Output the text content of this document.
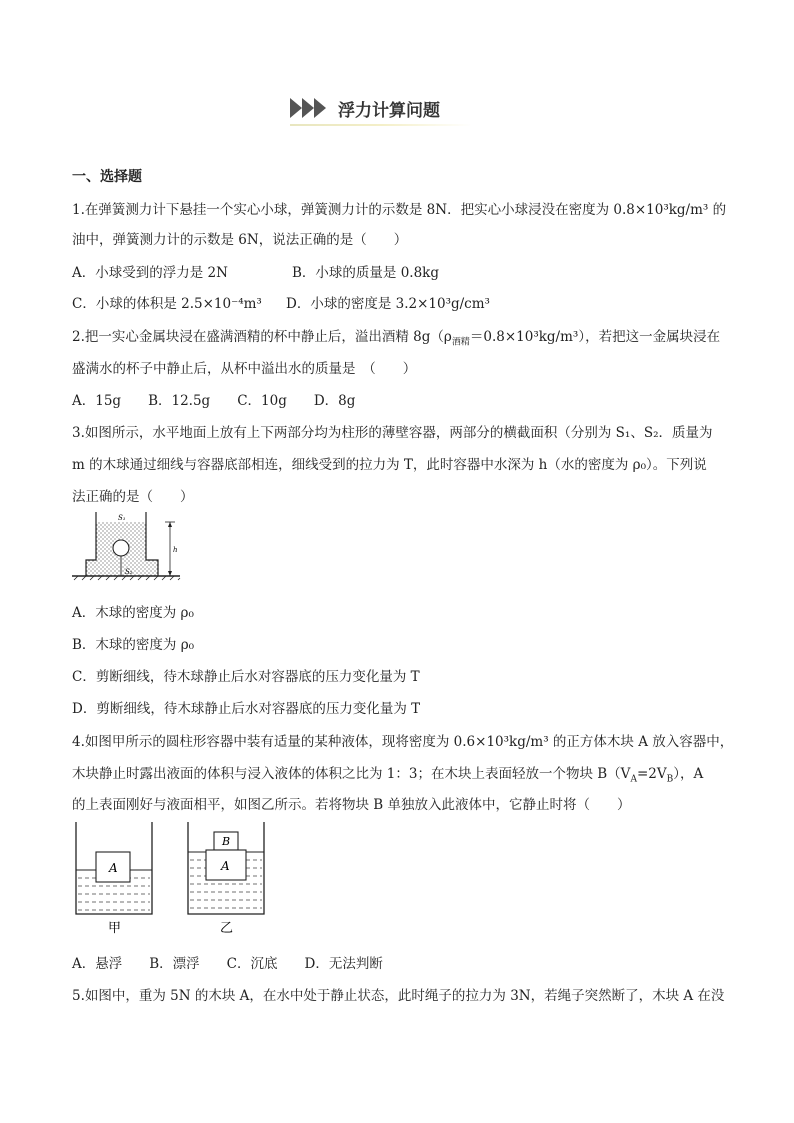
浮力计算问题
一、选择题
1.在弹簧测力计下悬挂一个实心小球，弹簧测力计的示数是 8N．把实心小球浸没在密度为 0.8×10³kg/m³ 的
油中，弹簧测力计的示数是 6N，说法正确的是（　　）
A．小球受到的浮力是 2N	B．小球的质量是 0.8kg
C．小球的体积是 2.5×10⁻⁴m³ D．小球的密度是 3.2×10³g/cm³
2.把一实心金属块浸在盛满酒精的杯中静止后，溢出酒精 $8g(\rho_{酒精}=0.8\times 10^3kg/m^3)$，若把这一金属块浸在
盛满水的杯子中静止后，从杯中溢出水的质量是　（　　）
A．15g　　B．12.5g　　C．10g　　D．8g
3.如图所示，水平地面上放有上下两部分均为柱形的薄壁容器，两部分的横截面积（分别为 S₁、S₂．质量为
m 的木球通过细线与容器底部相连，细线受到的拉力为 T，此时容器中水深为 h（水的密度为 ρ₀）。下列说
法正确的是（　　）
S₁
S₂
h
A．木球的密度为 ρ₀
B．木球的密度为 ρ₀
C．剪断细线，待木球静止后水对容器底的压力变化量为 T
D．剪断细线，待木球静止后水对容器底的压力变化量为 T
4.如图甲所示的圆柱形容器中装有适量的某种液体，现将密度为 0.6×10³kg/m³ 的正方体木块 A 放入容器中，
木块静止时露出液面的体积与浸入液体的体积之比为 1：3；在木块上表面轻放一个物块 $B(V_A=2V_B)$，A
的上表面刚好与液面相平，如图乙所示。若将物块 B 单独放入此液体中，它静止时将（　　）
A
甲
B
A
乙
A．悬浮　　B．漂浮　　C．沉底　　D．无法判断
5.如图中，重为 5N 的木块 A，在水中处于静止状态，此时绳子的拉力为 3N，若绳子突然断了，木块 A 在没
